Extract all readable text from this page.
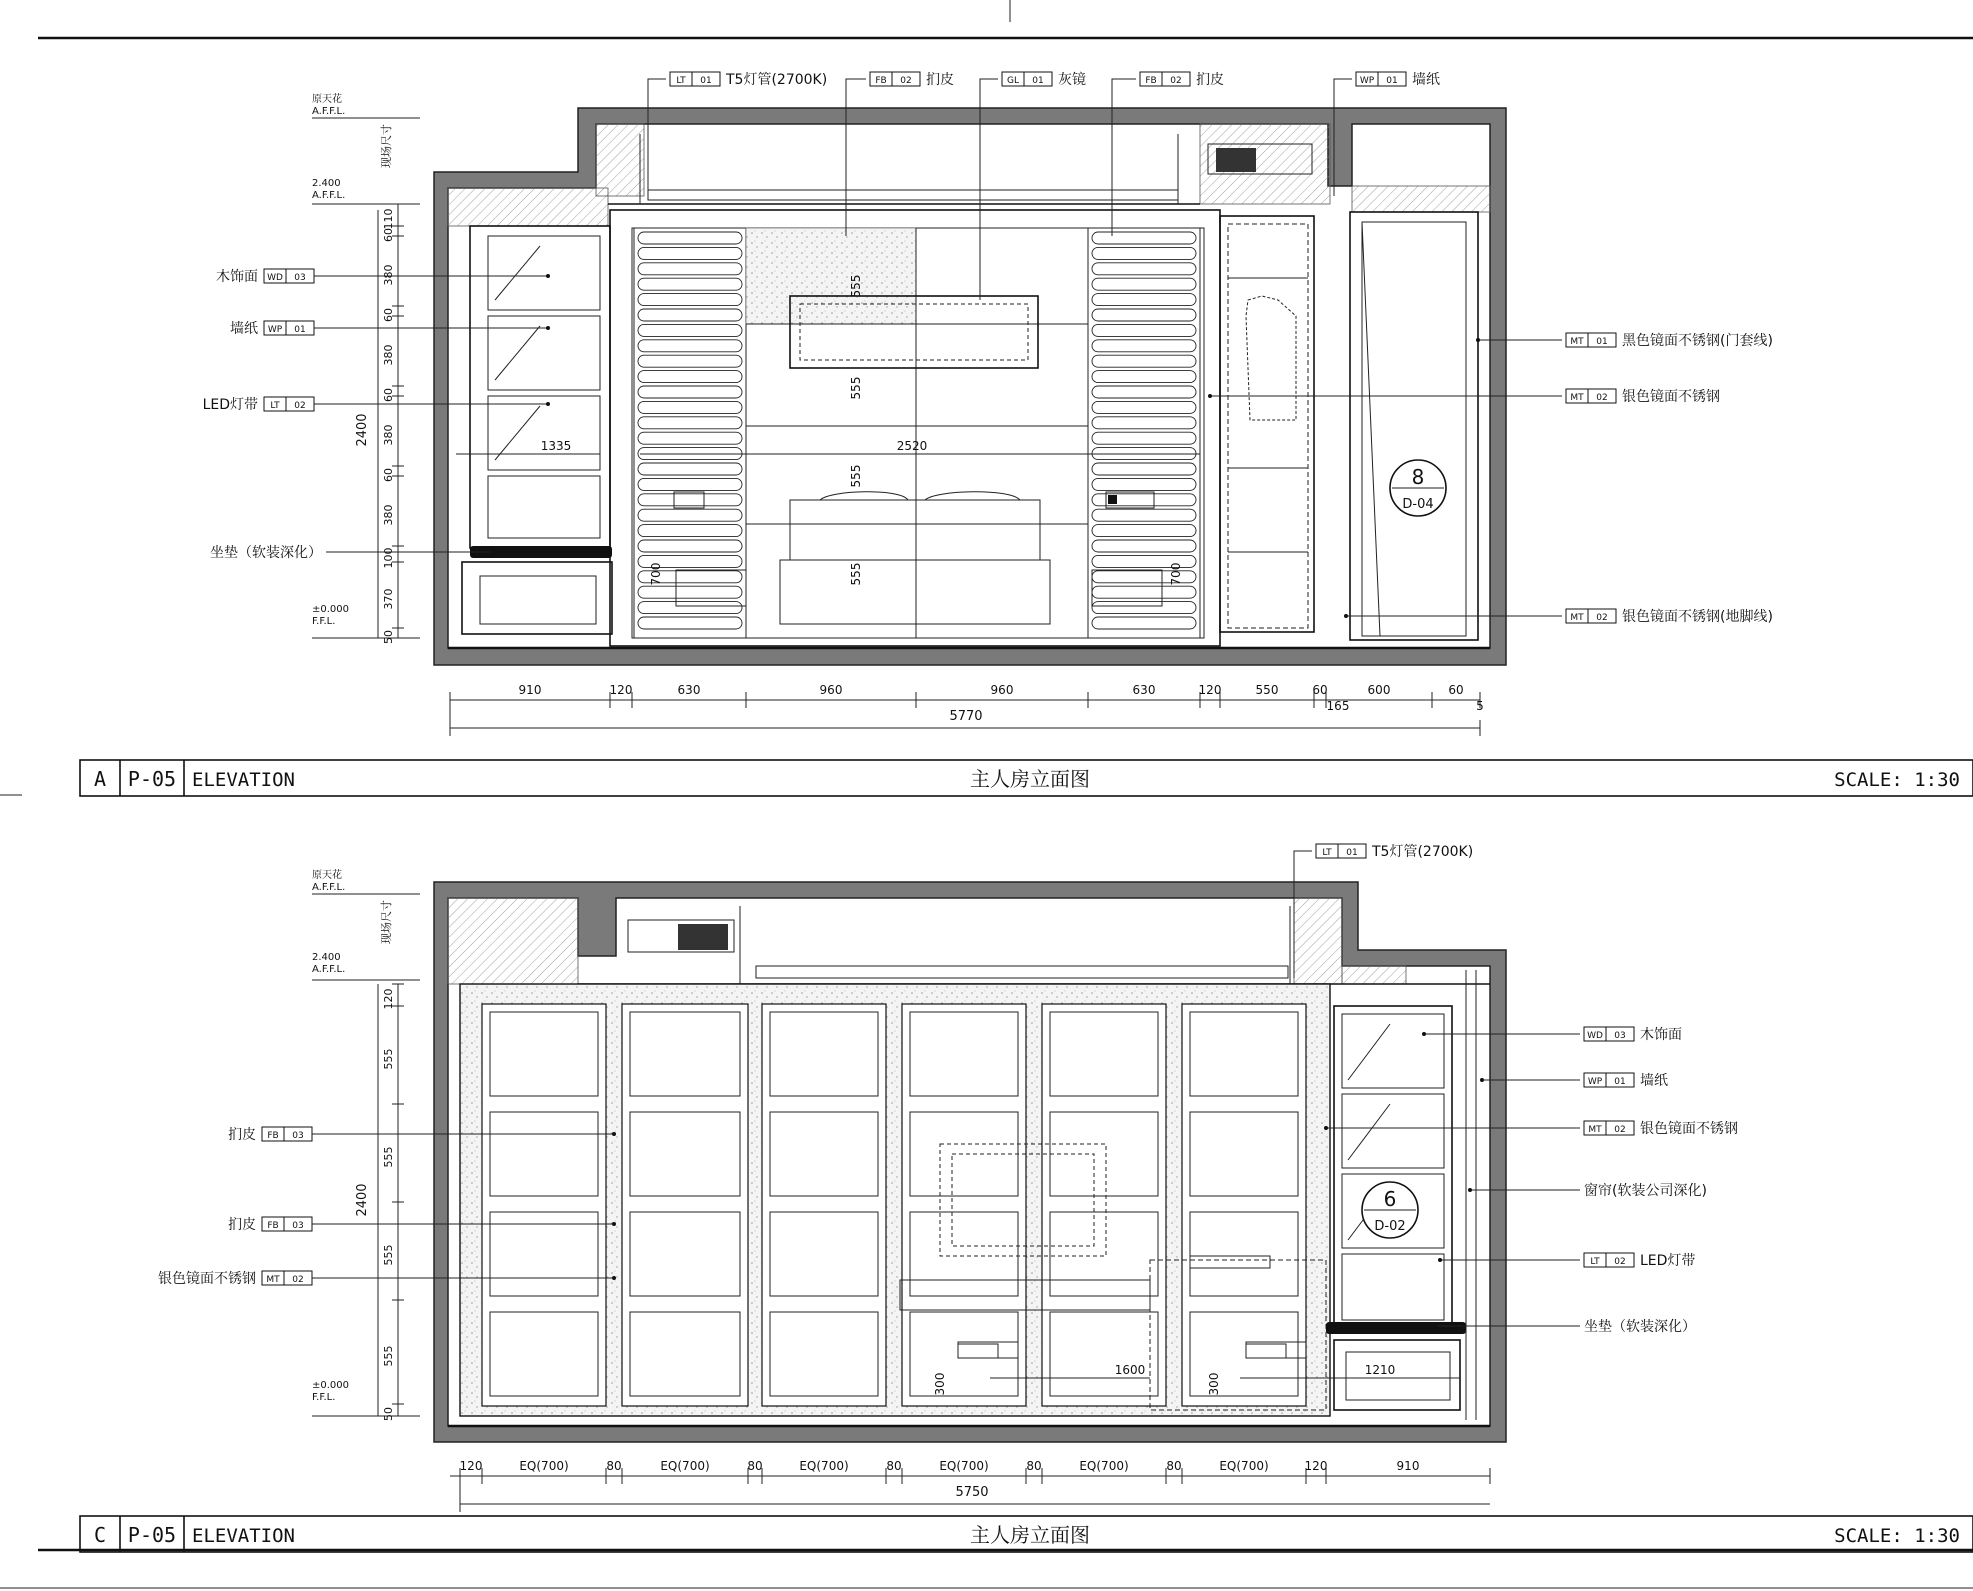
8
D-04
原天花
A.F.F.L.
2.400
A.F.F.L.
±0.000
F.F.L.
现场尺寸
2400
110
60
380
60
380
60
380
60
380
100
370
50
木饰面 WD 03
墙纸 WP 01
LED灯带 LT 02
坐垫（软装深化）
LT 01 T5灯管(2700K)	FB 02 扪皮	GL 01 灰镜	FB 02 扪皮	WP 01 墙纸
MT 01 黑色镜面不锈钢(门套线)
MT 02 银色镜面不锈钢
MT 02 银色镜面不锈钢(地脚线)
555
555
555
555
700	700
1335	2520
910	120	630	960	960	630	120	550	60	600	60
165	5
5770
A P-05 ELEVATION	主人房立面图	SCALE: 1:30
6
D-02
原天花
A.F.F.L.
2.400
A.F.F.L.
±0.000
F.F.L.
现场尺寸
2400
120
555
555
555
555
50
扪皮 FB 03
扪皮 FB 03
银色镜面不锈钢 MT 02
LT 01 T5灯管(2700K)
WD 03 木饰面
WP 01 墙纸
MT 02 银色镜面不锈钢
窗帘(软装公司深化)
LT 02 LED灯带
坐垫（软装深化）
1600	1210
300	300
120	EQ(700)	80	EQ(700)	80	EQ(700)	80	EQ(700)	80	EQ(700)	80	EQ(700)	120	910
5750
C P-05 ELEVATION	主人房立面图	SCALE: 1:30
